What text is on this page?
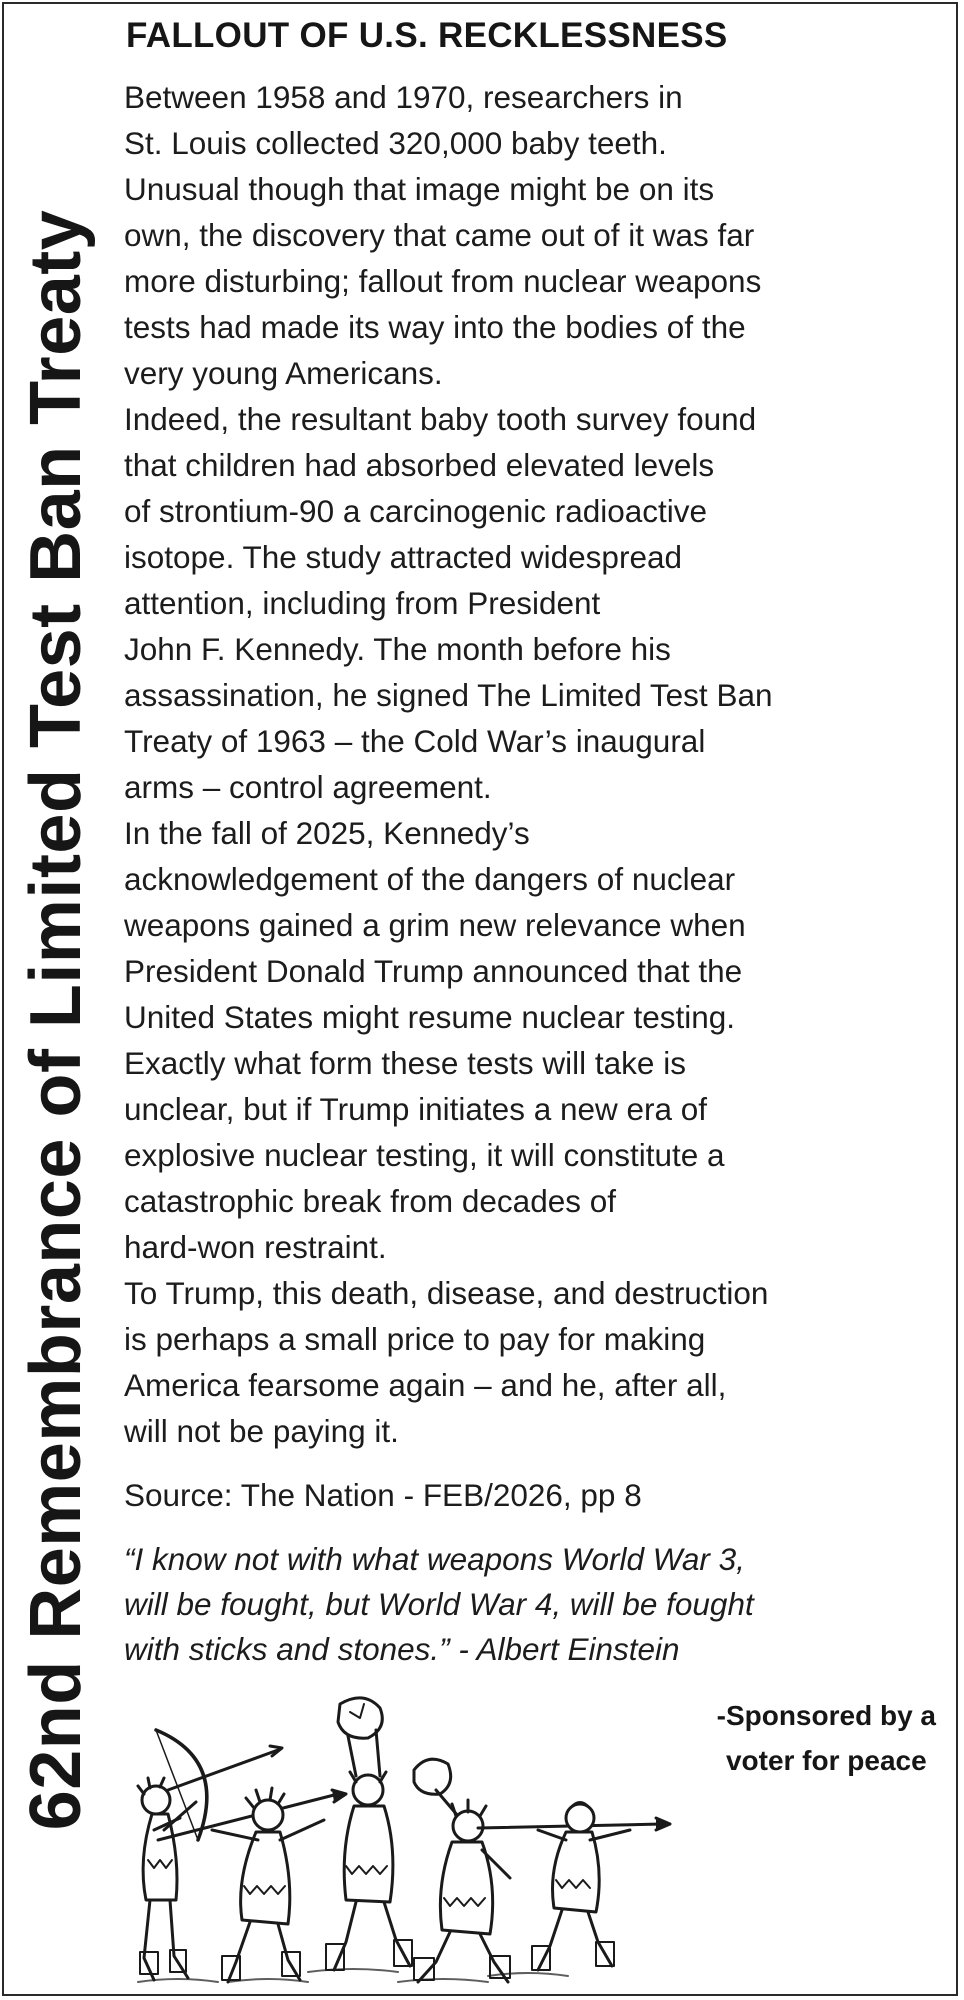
62nd Remembrance of Limited Test Ban Treaty
FALLOUT OF U.S. RECKLESSNESS

Between 1958 and 1970, researchers in
St. Louis collected 320,000 baby teeth.
Unusual though that image might be on its
own, the discovery that came out of it was far
more disturbing; fallout from nuclear weapons
tests had made its way into the bodies of the
very young Americans.

Indeed, the resultant baby tooth survey found
that children had absorbed elevated levels
of strontium-90 a carcinogenic radioactive
isotope. The study attracted widespread
attention, including from President
John F. Kennedy. The month before his
assassination, he signed The Limited Test Ban
Treaty of 1963 – the Cold War’s inaugural
arms – control agreement.

In the fall of 2025, Kennedy’s
acknowledgement of the dangers of nuclear
weapons gained a grim new relevance when
President Donald Trump announced that the
United States might resume nuclear testing.
Exactly what form these tests will take is
unclear, but if Trump initiates a new era of
explosive nuclear testing, it will constitute a
catastrophic break from decades of
hard-won restraint.

To Trump, this death, disease, and destruction
is perhaps a small price to pay for making
America fearsome again – and he, after all,
will not be paying it.

Source: The Nation - FEB/2026, pp 8
“I know not with what weapons World War 3,
will be fought, but World War 4, will be fought
with sticks and stones.” - Albert Einstein
-Sponsored by a
voter for peace
